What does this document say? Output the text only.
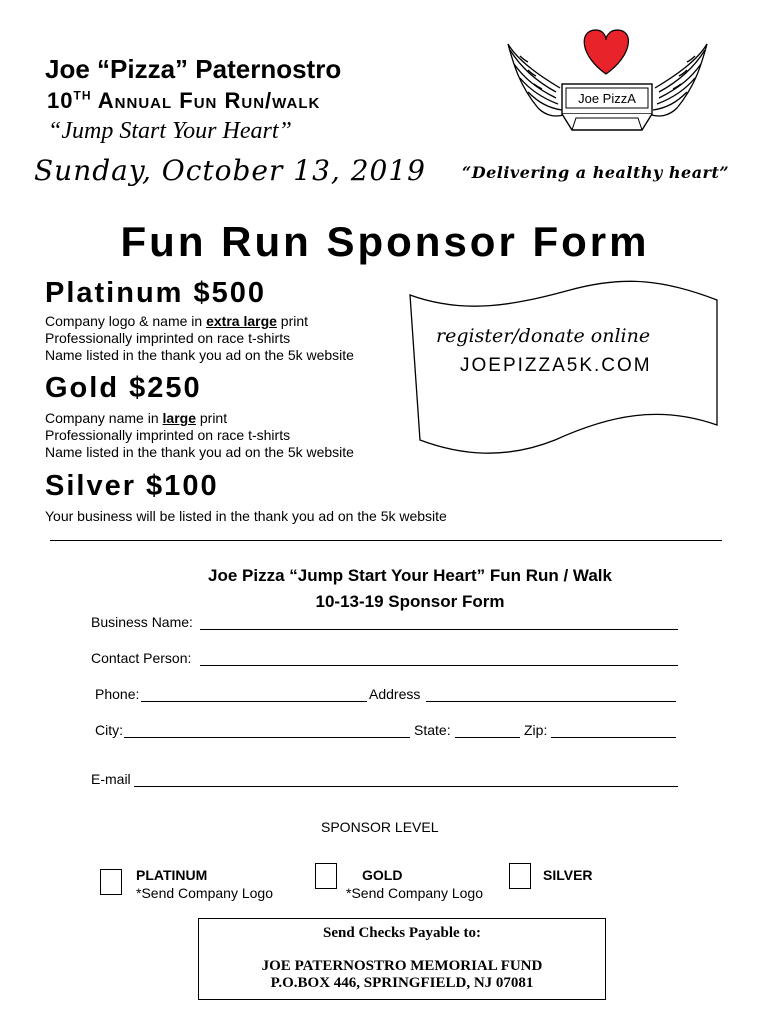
Joe “Pizza” Paternostro
10TH Annual Fun Run/walk
“Jump Start Your Heart”
Sunday, October 13, 2019 “Delivering a healthy heart”
Joe PizzA
Fun Run Sponsor Form
register/donate online
JOEPIZZA5K.COM
Platinum $500
Company logo & name in extra large print
Professionally imprinted on race t-shirts
Name listed in the thank you ad on the 5k website
Gold $250
Company name in large print
Professionally imprinted on race t-shirts
Name listed in the thank you ad on the 5k website
Silver $100
Your business will be listed in the thank you ad on the 5k website
Joe Pizza “Jump Start Your Heart” Fun Run / Walk
10-13-19 Sponsor Form
Business Name:
Contact Person:
Phone:	Address
City:	State:	Zip:
E-mail
SPONSOR LEVEL
PLATINUM
*Send Company Logo
GOLD
*Send Company Logo
SILVER
Send Checks Payable to:
JOE PATERNOSTRO MEMORIAL FUND
P.O.BOX 446, SPRINGFIELD, NJ 07081
